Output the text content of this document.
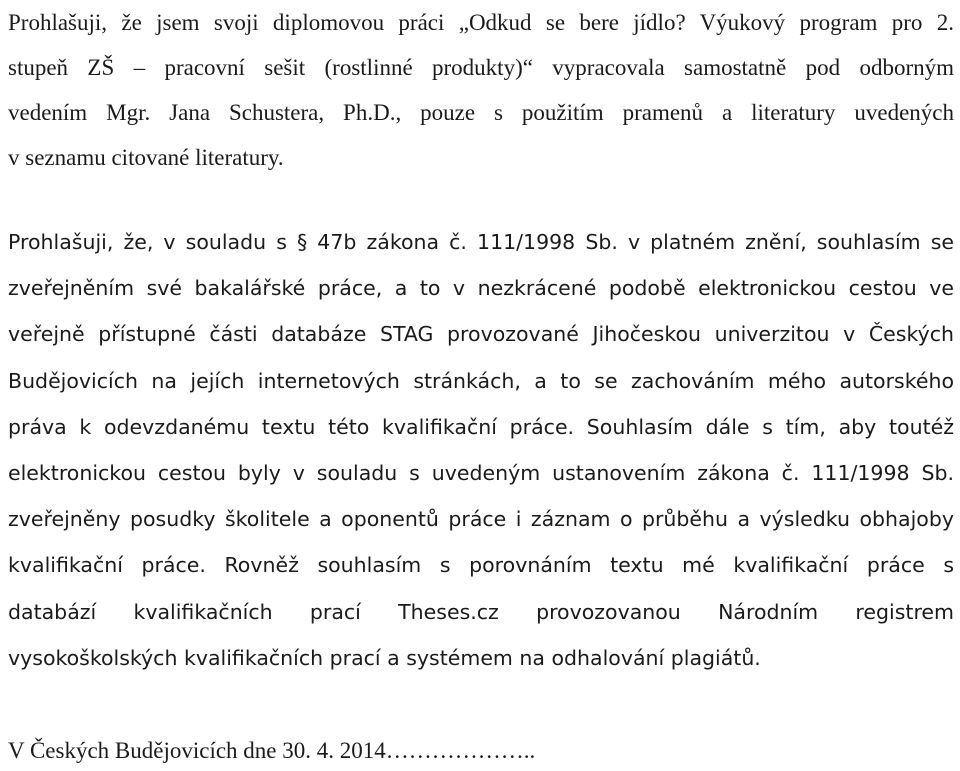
Prohlašuji, že jsem svoji diplomovou práci „Odkud se bere jídlo? Výukový program pro 2.
stupeň ZŠ – pracovní sešit (rostlinné produkty)“ vypracovala samostatně pod odborným
vedením Mgr. Jana Schustera, Ph.D., pouze s použitím pramenů a literatury uvedených
v seznamu citované literatury.
Prohlašuji, že, v souladu s § 47b zákona č. 111/1998 Sb. v platném znění, souhlasím se
zveřejněním své bakalářské práce, a to v nezkrácené podobě elektronickou cestou ve
veřejně přístupné části databáze STAG provozované Jihočeskou univerzitou v Českých
Budějovicích na jejích internetových stránkách, a to se zachováním mého autorského
práva k odevzdanému textu této kvalifikační práce. Souhlasím dále s tím, aby toutéž
elektronickou cestou byly v souladu s uvedeným ustanovením zákona č. 111/1998 Sb.
zveřejněny posudky školitele a oponentů práce i záznam o průběhu a výsledku obhajoby
kvalifikační práce. Rovněž souhlasím s porovnáním textu mé kvalifikační práce s
databází kvalifikačních prací Theses.cz provozovanou Národním registrem
vysokoškolských kvalifikačních prací a systémem na odhalování plagiátů.
V Českých Budějovicích dne 30. 4. 2014………………..
